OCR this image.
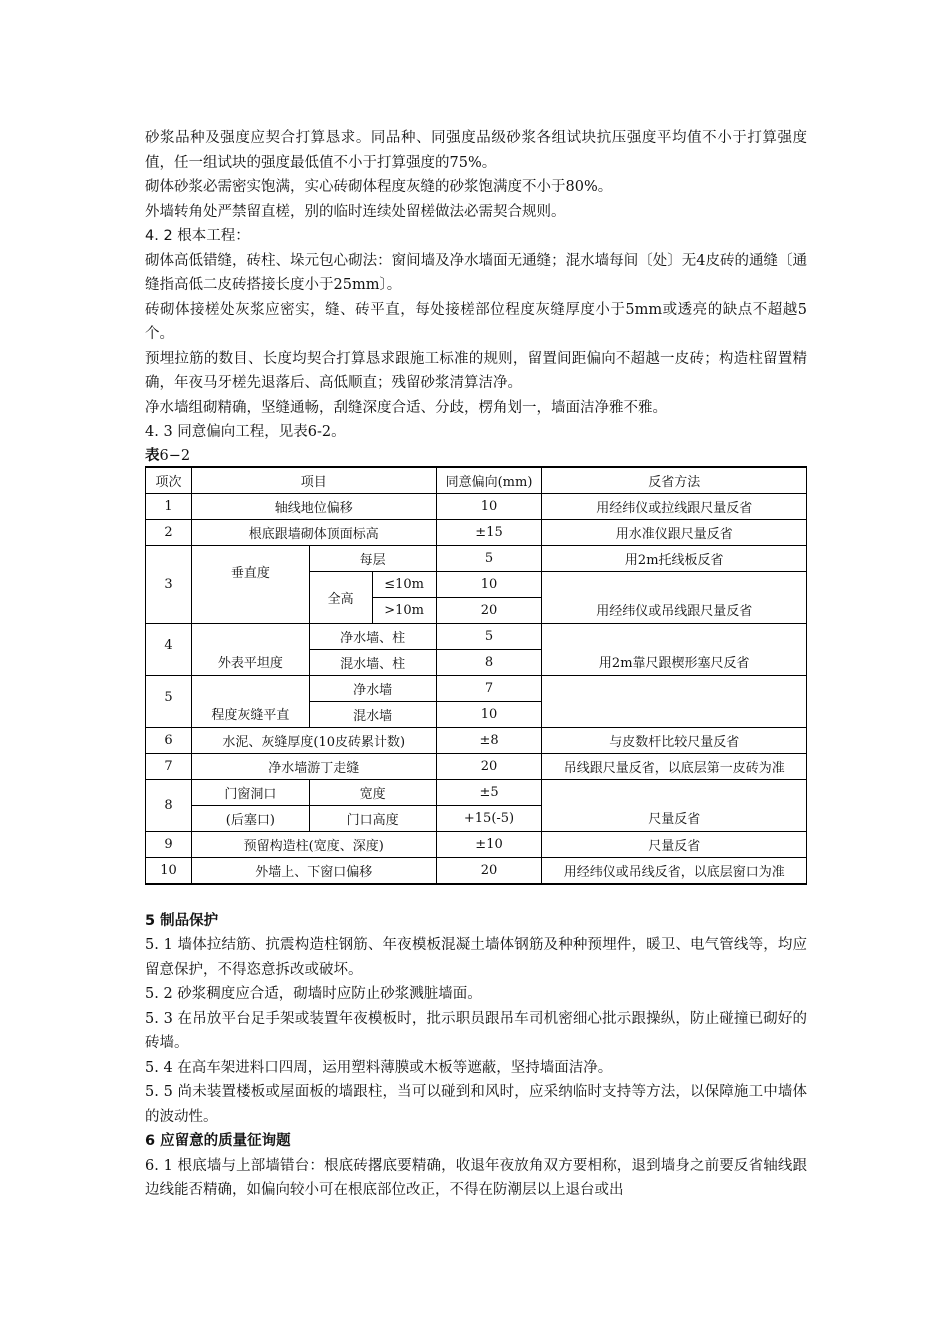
砂浆品种及强度应契合打算恳求。同品种、同强度品级砂浆各组试块抗压强度平均值不小于打算强度值，任一组试块的强度最低值不小于打算强度的75%。

砌体砂浆必需密实饱满，实心砖砌体程度灰缝的砂浆饱满度不小于80%。

外墙转角处严禁留直槎，别的临时连续处留槎做法必需契合规则。

4. 2 根本工程：

砌体高低错缝，砖柱、垛元包心砌法：窗间墙及净水墙面无通缝；混水墙每间〔处〕无4皮砖的通缝〔通缝指高低二皮砖搭接长度小于25mm〕。

砖砌体接槎处灰浆应密实，缝、砖平直，每处接槎部位程度灰缝厚度小于5mm或透亮的缺点不超越5个。

预埋拉筋的数目、长度均契合打算恳求跟施工标准的规则，留置间距偏向不超越一皮砖；构造柱留置精确，年夜马牙槎先退落后、高低顺直；残留砂浆清算洁净。

净水墙组砌精确，坚缝通畅，刮缝深度合适、分歧，楞角划一，墙面洁净雅不雅。

4. 3 同意偏向工程，见表6-2。

表6−2
项次	项目			同意偏向(mm)	反省方法
1	轴线地位偏移			10	用经纬仪或拉线跟尺量反省
2	根底跟墙砌体顶面标高			±15	用水准仪跟尺量反省
3	垂直度	每层		5	用2m托线板反省
		全高	≤10m	10	用经纬仪或吊线跟尺量反省
			>10m	20	
4	外表平坦度	净水墙、柱		5	用2m靠尺跟楔形塞尺反省
		混水墙、柱		8	
5	程度灰缝平直	净水墙		7	
		混水墙		10	
6	水泥、灰缝厚度(10皮砖累计数)			±8	与皮数杆比较尺量反省
7	净水墙游丁走缝			20	吊线跟尺量反省，以底层第一皮砖为准
8	门窗洞口	宽度		±5	尺量反省
	(后塞口)	门口高度		+15(-5)	
9	预留构造柱(宽度、深度)			±10	尺量反省
10	外墙上、下窗口偏移			20	用经纬仪或吊线反省，以底层窗口为准

5 制品保护

5. 1 墙体拉结筋、抗震构造柱钢筋、年夜模板混凝土墙体钢筋及种种预埋件，暖卫、电气管线等，均应留意保护，不得恣意拆改或破坏。

5. 2 砂浆稠度应合适，砌墙时应防止砂浆溅脏墙面。

5. 3 在吊放平台足手架或装置年夜模板时，批示职员跟吊车司机密细心批示跟操纵，防止碰撞已砌好的砖墙。

5. 4 在高车架进料口四周，运用塑料薄膜或木板等遮蔽，坚持墙面洁净。

5. 5 尚未装置楼板或屋面板的墙跟柱，当可以碰到和风时，应采纳临时支持等方法，以保障施工中墙体的波动性。

6 应留意的质量征询题

6. 1 根底墙与上部墙错台：根底砖撂底要精确，收退年夜放角双方要相称，退到墙身之前要反省轴线跟边线能否精确，如偏向较小可在根底部位改正，不得在防潮层以上退台或出
